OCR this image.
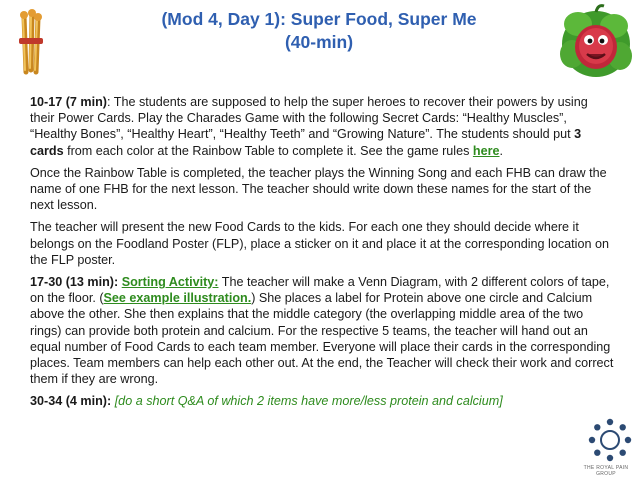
(Mod 4, Day 1): Super Food, Super Me
(40-min)

10-17 (7 min): The students are supposed to help the super heroes to recover their powers by using their Power Cards. Play the Charades Game with the following Secret Cards: “Healthy Muscles”, “Healthy Bones”, “Healthy Heart”, “Healthy Teeth” and “Growing Nature”. The students should put 3 cards from each color at the Rainbow Table to complete it. See the game rules here.

Once the Rainbow Table is completed, the teacher plays the Winning Song and each FHB can draw the name of one FHB for the next lesson. The teacher should write down these names for the start of the next lesson.

The teacher will present the new Food Cards to the kids. For each one they should decide where it belongs on the Foodland Poster (FLP), place a sticker on it and place it at the corresponding location on the FLP poster.

17-30 (13 min): Sorting Activity: The teacher will make a Venn Diagram, with 2 different colors of tape, on the floor. (See example illustration.) She places a label for Protein above one circle and Calcium above the other. She then explains that the middle category (the overlapping middle area of the two rings) can provide both protein and calcium. For the respective 5 teams, the teacher will hand out an equal number of Food Cards to each team member. Everyone will place their cards in the corresponding places. Team members can help each other out. At the end, the Teacher will check their work and correct them if they are wrong.

30-34 (4 min): [do a short Q&A of which 2 items have more/less protein and calcium]

THE ROYAL PAIN GROUP
